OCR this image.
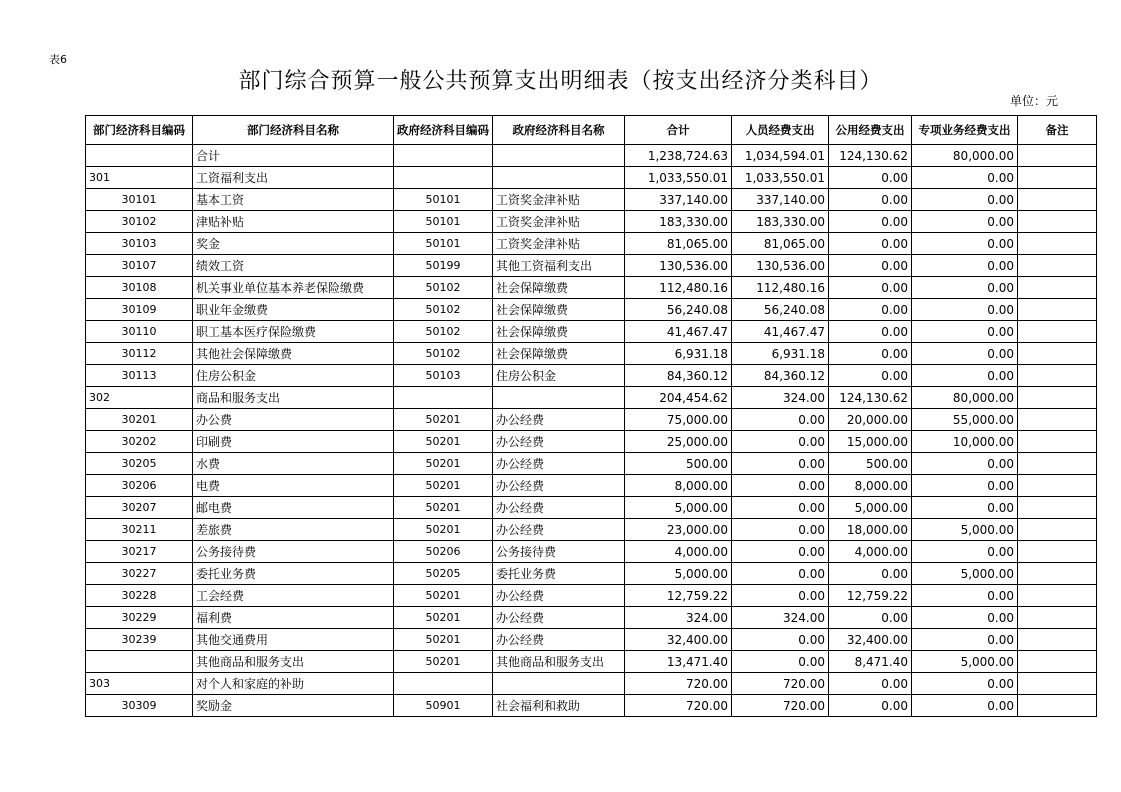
表6
部门综合预算一般公共预算支出明细表（按支出经济分类科目）
单位：元
部门经济科目编码	部门经济科目名称	政府经济科目编码	政府经济科目名称	合计	人员经费支出	公用经费支出	专项业务经费支出	备注
	合计			1,238,724.63	1,034,594.01	124,130.62	80,000.00	
301	工资福利支出			1,033,550.01	1,033,550.01	0.00	0.00	
30101	基本工资	50101	工资奖金津补贴	337,140.00	337,140.00	0.00	0.00	
30102	津贴补贴	50101	工资奖金津补贴	183,330.00	183,330.00	0.00	0.00	
30103	奖金	50101	工资奖金津补贴	81,065.00	81,065.00	0.00	0.00	
30107	绩效工资	50199	其他工资福利支出	130,536.00	130,536.00	0.00	0.00	
30108	机关事业单位基本养老保险缴费	50102	社会保障缴费	112,480.16	112,480.16	0.00	0.00	
30109	职业年金缴费	50102	社会保障缴费	56,240.08	56,240.08	0.00	0.00	
30110	职工基本医疗保险缴费	50102	社会保障缴费	41,467.47	41,467.47	0.00	0.00	
30112	其他社会保障缴费	50102	社会保障缴费	6,931.18	6,931.18	0.00	0.00	
30113	住房公积金	50103	住房公积金	84,360.12	84,360.12	0.00	0.00	
302	商品和服务支出			204,454.62	324.00	124,130.62	80,000.00	
30201	办公费	50201	办公经费	75,000.00	0.00	20,000.00	55,000.00	
30202	印刷费	50201	办公经费	25,000.00	0.00	15,000.00	10,000.00	
30205	水费	50201	办公经费	500.00	0.00	500.00	0.00	
30206	电费	50201	办公经费	8,000.00	0.00	8,000.00	0.00	
30207	邮电费	50201	办公经费	5,000.00	0.00	5,000.00	0.00	
30211	差旅费	50201	办公经费	23,000.00	0.00	18,000.00	5,000.00	
30217	公务接待费	50206	公务接待费	4,000.00	0.00	4,000.00	0.00	
30227	委托业务费	50205	委托业务费	5,000.00	0.00	0.00	5,000.00	
30228	工会经费	50201	办公经费	12,759.22	0.00	12,759.22	0.00	
30229	福利费	50201	办公经费	324.00	324.00	0.00	0.00	
30239	其他交通费用	50201	办公经费	32,400.00	0.00	32,400.00	0.00	
	其他商品和服务支出	50201	其他商品和服务支出	13,471.40	0.00	8,471.40	5,000.00	
303	对个人和家庭的补助			720.00	720.00	0.00	0.00	
30309	奖励金	50901	社会福利和救助	720.00	720.00	0.00	0.00	
